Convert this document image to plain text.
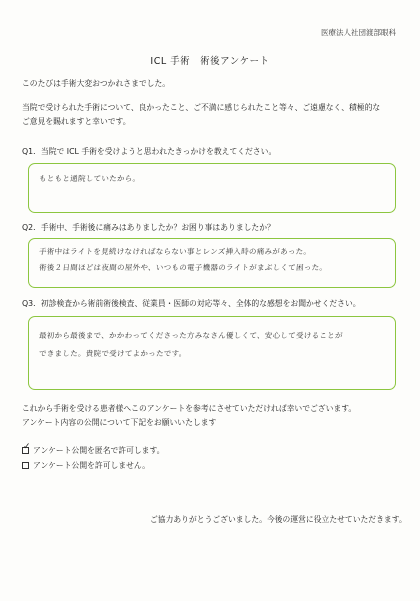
医療法人社団渡部眼科
ICL 手術　術後アンケート
このたびは手術大変おつかれさまでした。
当院で受けられた手術について、良かったこと、ご不満に感じられたこと等々、ご遠慮なく、積極的な
ご意見を賜れますと幸いです。
Q1．当院で ICL 手術を受けようと思われたきっかけを教えてください。
もともと通院していたから。
Q2．手術中、手術後に痛みはありましたか？お困り事はありましたか？
手術中はライトを見続けなければならない事とレンズ挿入時の痛みがあった。
術後２日間ほどは夜間の屋外や、いつもの電子機器のライトがまぶしくて困った。
Q3．初診検査から術前術後検査、従業員・医師の対応等々、全体的な感想をお聞かせください。
最初から最後まで、かかわってくださった方みなさん優しくて、安心して受けることが
できました。貴院で受けてよかったです。
これから手術を受ける患者様へこのアンケートを参考にさせていただければ幸いでございます。
アンケート内容の公開について下記をお願いいたします
✓ アンケート公開を匿名で許可します。
アンケート公開を許可しません。
ご協力ありがとうございました。今後の運営に役立たせていただきます。
